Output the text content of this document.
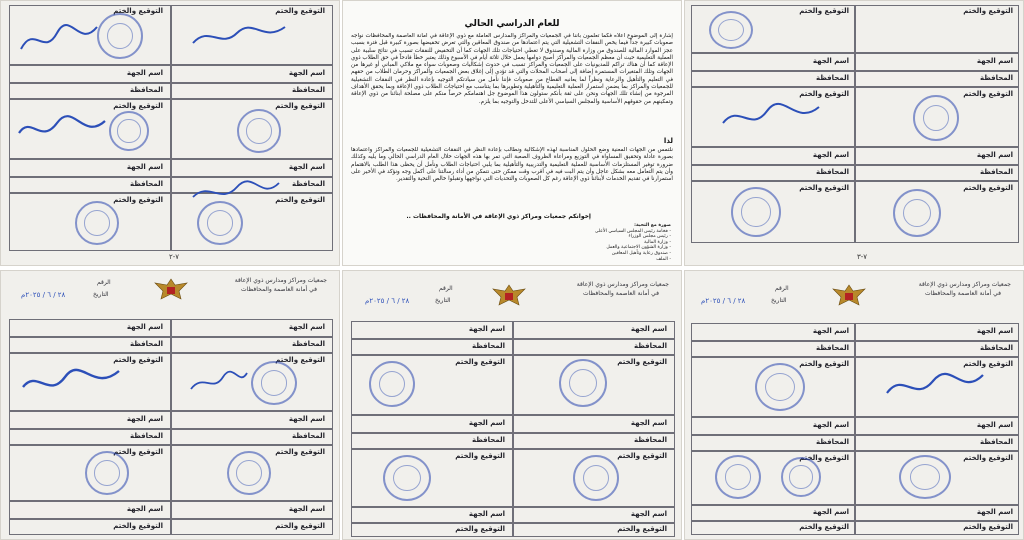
التوقيع والختم	التوقيع والختم
اسم الجهة	اسم الجهة
المحافظة	المحافظة
التوقيع والختم	التوقيع والختم
اسم الجهة	اسم الجهة
المحافظة	المحافظة
التوقيع والختم	التوقيع والختم
٧-٢
للعام الدراسي الحالي
إشارة إلى الموضوع أعلاه فكما تعلمون بأننا في الجمعيات والمراكز والمدارس العاملة مع ذوي الإعاقة في أمانة العاصمة والمحافظات نواجه صعوبات كبيرة جداً فيما يخص النفقات التشغيلية التي يتم اعتمادها من صندوق المعاقين والتي تعرض تخفيضها بصورة كبيرة قبل فترة بسبب عجز الموارد المالية للصندوق من وزارة المالية وصندوق لا تغطي احتياجات تلك الجهات كما أن التخفيض للنفقات تسبب في نتائج سلبية على العملية التعليمية حيث أن معظم الجمعيات والمراكز أصبح دوامها يعمل خلال ثلاثة أيام في الأسبوع وذلك يعتبر خطأ فادحاً في حق الطلاب ذوي الإعاقة كما أن هناك تراكم للمديونيات على الجمعيات والمراكز تسبب في حدوث إشكاليات وصعوبات سواء مع ملاكي المباني أو غيرها من الجهات وتلك المتغيرات المستمرة إضافة إلى أصحاب المحلات والتي قد تؤدي إلى إغلاق بعض الجمعيات والمراكز وحرمان الطلاب من حقهم في التعليم والتأهيل والرعاية ونظراً لما يعانيه القطاع من صعوبات فإننا نأمل من سيادتكم التوجيه بإعادة النظر في النفقات التشغيلية للجمعيات والمراكز بما يضمن استمرار العملية التعليمية والتأهيلية وتطويرها بما يتناسب مع احتياجات الطلاب ذوي الإعاقة وبما يحقق الأهداف المرجوة من إنشاء تلك الجهات ونحن على ثقة بأنكم ستولون هذا الموضوع جل اهتمامكم حرصاً منكم على مصلحة أبنائنا من ذوي الإعاقة وتمكينهم من حقوقهم الأساسية والمجلس السياسي الأعلى للتدخل والتوجيه بما يلزم.
لذا
نلتمس من الجهات المعنية وضع الحلول المناسبة لهذه الإشكالية ونطالب بإعادة النظر في النفقات التشغيلية للجمعيات والمراكز واعتمادها بصورة عادلة وتحقيق المساواة في التوزيع ومراعاة الظروف الصعبة التي تمر بها هذه الجهات خلال العام الدراسي الحالي وما يليه وكذلك ضرورة توفير المستلزمات الأساسية للعملية التعليمية والتدريبية والتأهيلية بما يلبي احتياجات الطلاب ونأمل أن يحظى هذا الطلب بالاهتمام وأن يتم التعامل معه بشكل عاجل وأن يتم البت فيه في أقرب وقت ممكن حتى نتمكن من أداء رسالتنا على أكمل وجه ونؤكد في الأخير على استمرارنا في تقديم الخدمات لأبنائنا ذوي الإعاقة رغم كل الصعوبات والتحديات التي نواجهها وتقبلوا خالص التحية والتقدير.
إخوانكم جمعيات ومراكز ذوي الإعاقة في الأمانة والمحافظات ..
صورة مع التحية:
- فخامة رئيس المجلس السياسي الأعلى
- رئيس مجلس الوزراء
- وزارة المالية
- وزارة الشؤون الاجتماعية والعمل
- صندوق رعاية وتأهيل المعاقين
- الملف
التوقيع والختم	التوقيع والختم
اسم الجهة	اسم الجهة
المحافظة	المحافظة
التوقيع والختم	التوقيع والختم
اسم الجهة	اسم الجهة
المحافظة	المحافظة
التوقيع والختم	التوقيع والختم
٧-٣
جمعيات ومراكز ومدارس ذوي الإعاقة
في أمانة العاصمة والمحافظات
الرقم
التاريخ
٢٨ / ٦ / ٢٠٢٥م
اسم الجهة	اسم الجهة
المحافظة	المحافظة
التوقيع والختم	التوقيع والختم
اسم الجهة	اسم الجهة
المحافظة	المحافظة
التوقيع والختم	التوقيع والختم
اسم الجهة	اسم الجهة
التوقيع والختم	التوقيع والختم
جمعيات ومراكز ومدارس ذوي الإعاقة
في أمانة العاصمة والمحافظات
الرقم
التاريخ
٢٨ / ٦ / ٢٠٢٥م
اسم الجهة	اسم الجهة
المحافظة	المحافظة
التوقيع والختم	التوقيع والختم
اسم الجهة	اسم الجهة
المحافظة	المحافظة
التوقيع والختم	التوقيع والختم
اسم الجهة	اسم الجهة
التوقيع والختم	التوقيع والختم
جمعيات ومراكز ومدارس ذوي الإعاقة
في أمانة العاصمة والمحافظات
الرقم
التاريخ
٢٨ / ٦ / ٢٠٢٥م
اسم الجهة	اسم الجهة
المحافظة	المحافظة
التوقيع والختم	التوقيع والختم
اسم الجهة	اسم الجهة
المحافظة	المحافظة
التوقيع والختم	التوقيع والختم
اسم الجهة	اسم الجهة
التوقيع والختم	التوقيع والختم
